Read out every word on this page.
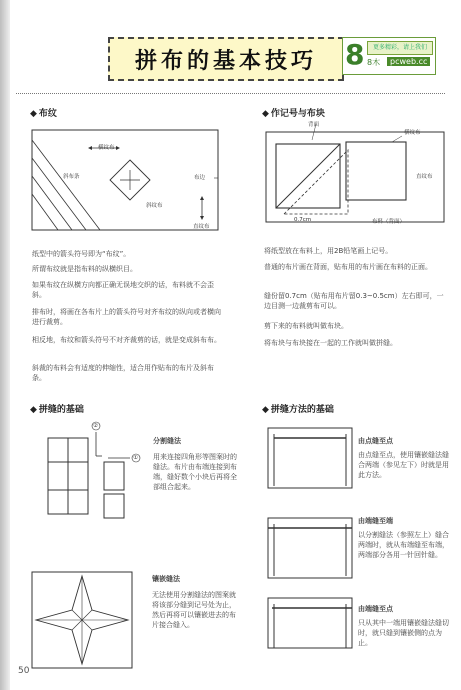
拼布的基本技巧 8	更多精彩，请上我们
8木	pcweb.cc
◆ 布纹
横纹布
斜布条	布边
斜纹布
直纹布
纸型中的箭头符号即为“布纹”。
所谓布纹就是指布料的纵横织目。
如果布纹在纵横方向都正确无误地交织的话，布料就不会歪斜。
排布时，将画在各布片上的箭头符号对齐布纹的纵向或者横向进行裁剪。
相反地，布纹和箭头符号不对齐裁剪的话，就是变成斜布布。
斜裁的布料会有适度的伸缩性，适合用作贴布的布片及斜布条。
◆ 作记号与布块
背面
横纹布
直纹布
0.7cm	布料（背面）
将纸型放在布料上，用2B铅笔画上记号。
普通的布片画在背面，贴布用的布片画在布料的正面。
缝份留0.7cm（贴布用布片留0.3~0.5cm）左右即可，一边目测一边裁剪布可以。
剪下来的布料就叫做布块。
将布块与布块接在一起的工作就叫做拼缝。
◆ 拼缝的基础
②
①
分割缝法
用来连接四角形等图案时的缝法。布片由布端连接到布端，缝好数个小块后再将全部组合起来。
镶嵌缝法
无法使用分割缝法的图案就将该部分缝到记号处为止，然后再将可以镶嵌进去的布片接合缝入。
◆ 拼缝方法的基础
由点缝至点
由点缝至点，使用镶嵌缝法缝合两端（参见左下）时就是用此方法。
由端缝至端
以分割缝法（参照左上）缝合两端时，就从布端缝至布端，两端部分各用一针回针缝。
由端缝至点
只从其中一端用镶嵌缝法缝切时，就只缝到镶嵌侧的点为止。
50
